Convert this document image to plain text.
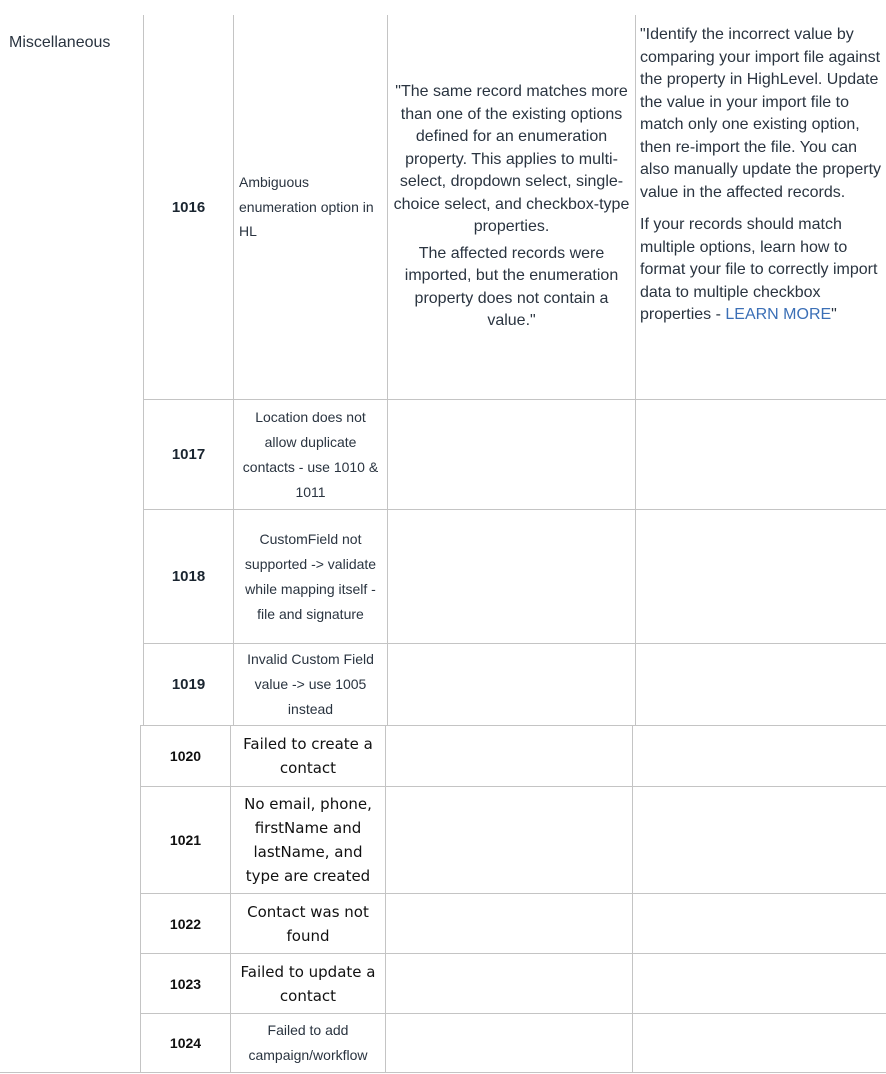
Miscellaneous
1016
Ambiguous enumeration option in HL
"The same record matches more than one of the existing options defined for an enumeration property. This applies to multi-select, dropdown select, single-choice select, and checkbox-type properties.
The affected records were imported, but the enumeration property does not contain a value."
"Identify the incorrect value by comparing your import file against the property in HighLevel. Update the value in your import file to match only one existing option, then re-import the file. You can also manually update the property value in the affected records.
If your records should match multiple options, learn how to format your file to correctly import data to multiple checkbox properties - LEARN MORE"
1017
Location does not allow duplicate contacts - use 1010 & 1011
1018
CustomField not supported -> validate while mapping itself - file and signature
1019
Invalid Custom Field value -> use 1005 instead
1020
Failed to create a contact
1021
No email, phone, firstName and lastName, and type are created
1022
Contact was not found
1023
Failed to update a contact
1024
Failed to add campaign/workflow
